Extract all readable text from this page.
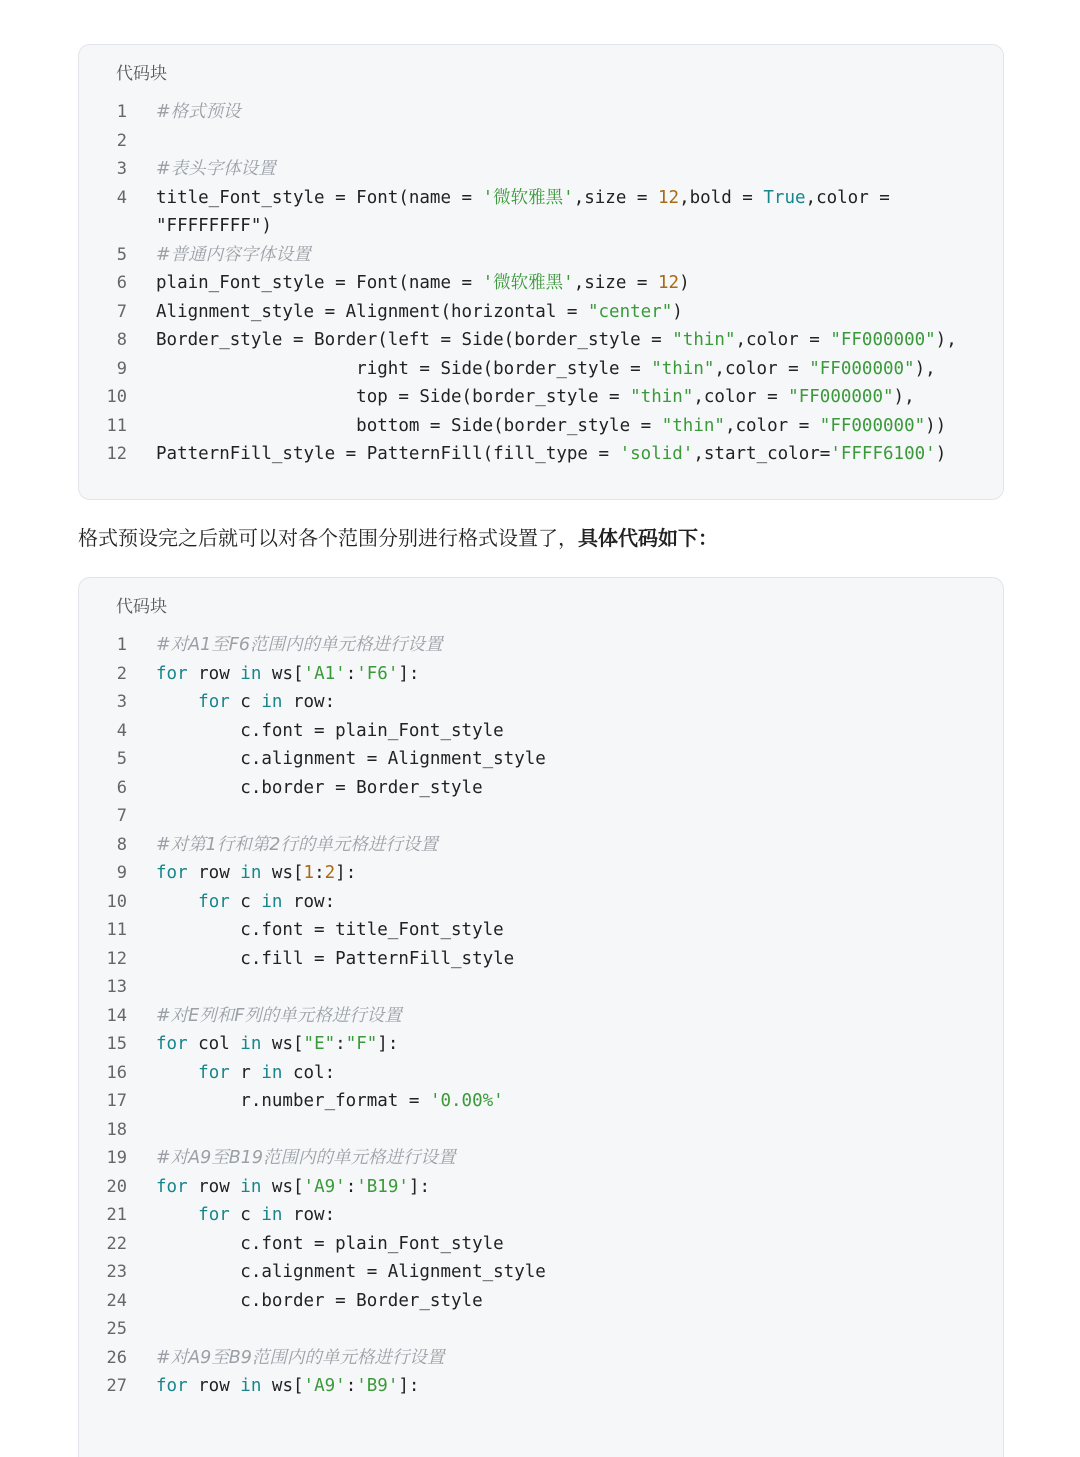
代码块
1 #格式预设
2
3 #表头字体设置
4 title_Font_style = Font(name = '微软雅黑',size = 12,bold = True,color =
"FFFFFFFF")
5 #普通内容字体设置
6 plain_Font_style = Font(name = '微软雅黑',size = 12)
7 Alignment_style = Alignment(horizontal = "center")
8 Border_style = Border(left = Side(border_style = "thin",color = "FF000000"),
9 right = Side(border_style = "thin",color = "FF000000"),
10 top = Side(border_style = "thin",color = "FF000000"),
11 bottom = Side(border_style = "thin",color = "FF000000"))
12 PatternFill_style = PatternFill(fill_type = 'solid',start_color='FFFF6100')
格式预设完之后就可以对各个范围分别进行格式设置了，具体代码如下：
代码块
1 #对A1至F6范围内的单元格进行设置
2 for row in ws['A1':'F6']:
3	for c in row:
4 c.font = plain_Font_style
5 c.alignment = Alignment_style
6 c.border = Border_style
7
8 #对第1行和第2行的单元格进行设置
9 for row in ws[1:2]:
10	for c in row:
11 c.font = title_Font_style
12 c.fill = PatternFill_style
13
14 #对E列和F列的单元格进行设置
15 for col in ws["E":"F"]:
16	for r in col:
17 r.number_format = '0.00%'
18
19 #对A9至B19范围内的单元格进行设置
20 for row in ws['A9':'B19']:
21	for c in row:
22 c.font = plain_Font_style
23 c.alignment = Alignment_style
24 c.border = Border_style
25
26 #对A9至B9范围内的单元格进行设置
27 for row in ws['A9':'B9']:
